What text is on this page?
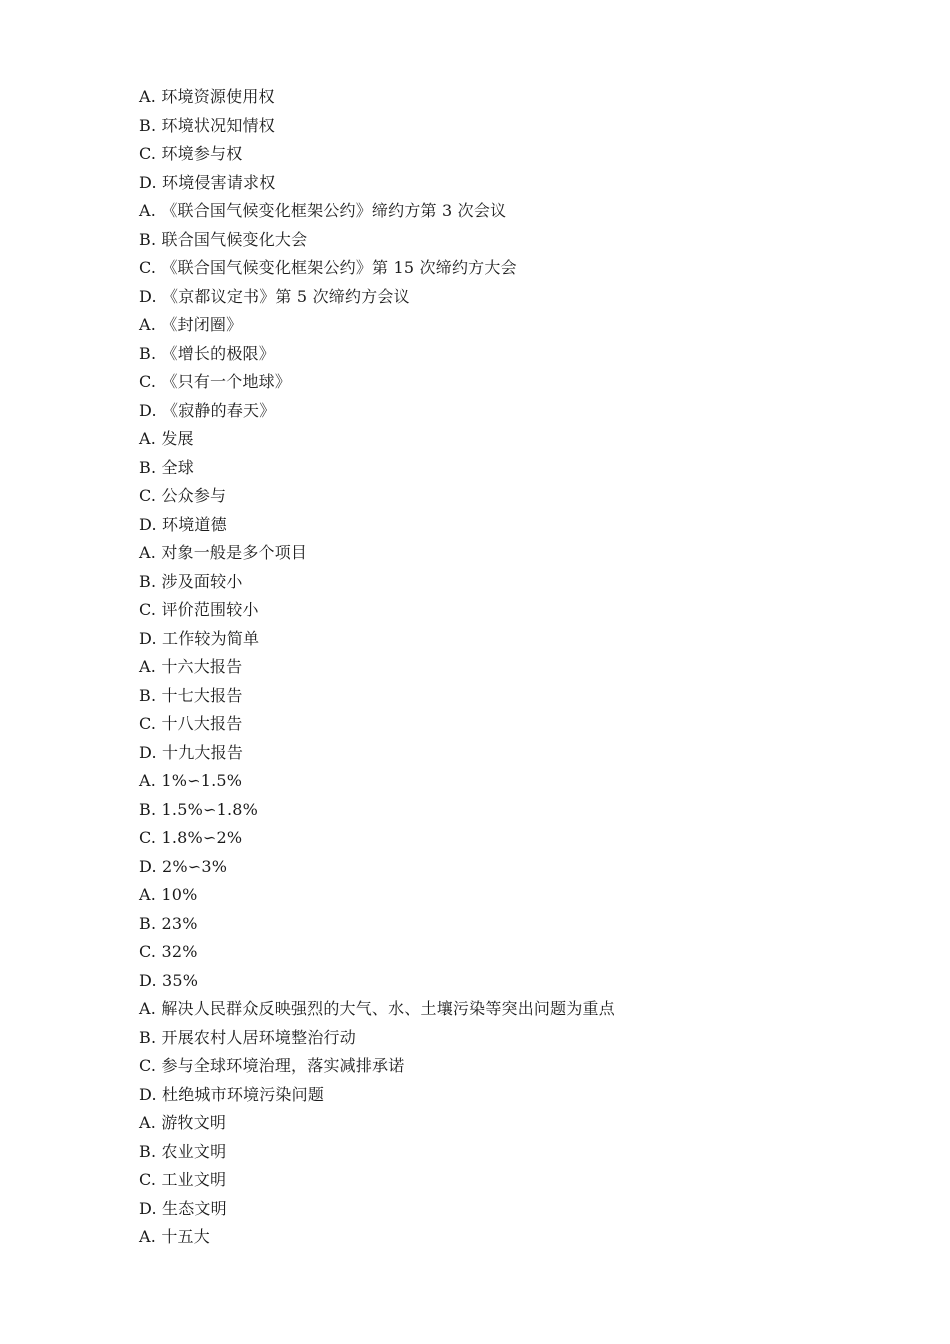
A. 环境资源使用权
B. 环境状况知情权
C. 环境参与权
D. 环境侵害请求权
A. 《联合国气候变化框架公约》缔约方第 3 次会议
B. 联合国气候变化大会
C. 《联合国气候变化框架公约》第 15 次缔约方大会
D. 《京都议定书》第 5 次缔约方会议
A. 《封闭圈》
B. 《增长的极限》
C. 《只有一个地球》
D. 《寂静的春天》
A. 发展
B. 全球
C. 公众参与
D. 环境道德
A. 对象一般是多个项目
B. 涉及面较小
C. 评价范围较小
D. 工作较为简单
A. 十六大报告
B. 十七大报告
C. 十八大报告
D. 十九大报告
A. 1%∽1.5%
B. 1.5%∽1.8%
C. 1.8%∽2%
D. 2%∽3%
A. 10%
B. 23%
C. 32%
D. 35%
A. 解决人民群众反映强烈的大气、水、土壤污染等突出问题为重点
B. 开展农村人居环境整治行动
C. 参与全球环境治理，落实减排承诺
D. 杜绝城市环境污染问题
A. 游牧文明
B. 农业文明
C. 工业文明
D. 生态文明
A. 十五大
